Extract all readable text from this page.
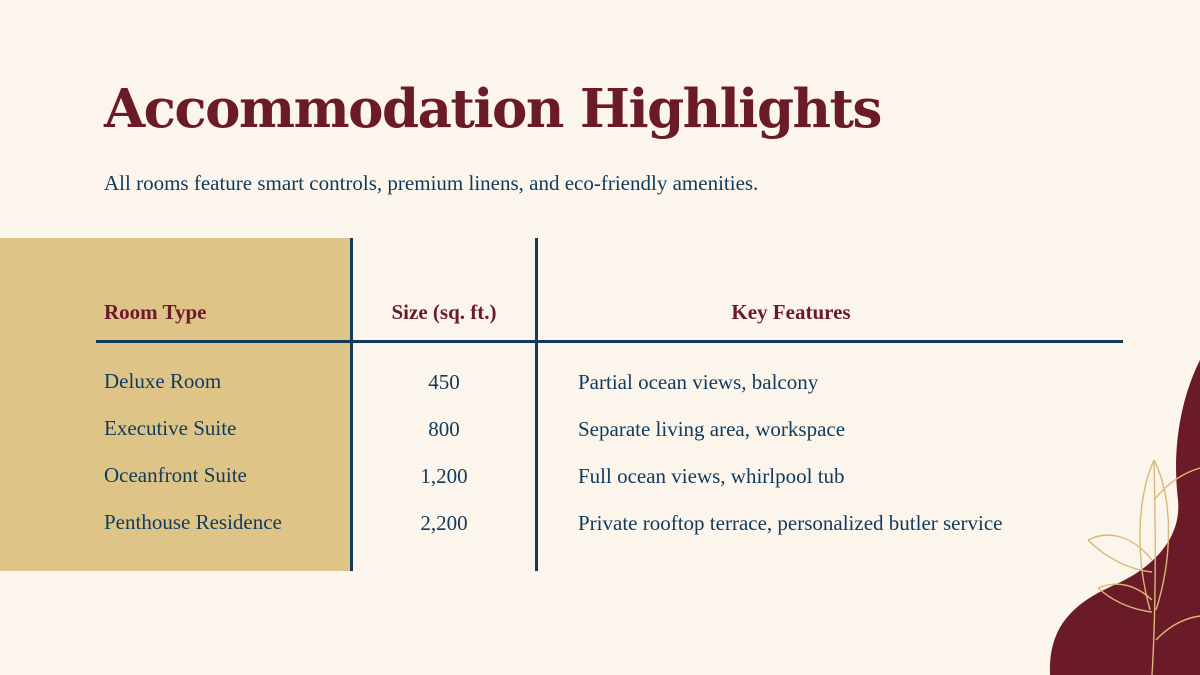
Accommodation Highlights
All rooms feature smart controls, premium linens, and eco-friendly amenities.
Room Type	Size (sq. ft.)	Key Features
Deluxe Room	450	Partial ocean views, balcony
Executive Suite	800	Separate living area, workspace
Oceanfront Suite	1,200	Full ocean views, whirlpool tub
Penthouse Residence	2,200	Private rooftop terrace, personalized butler service
